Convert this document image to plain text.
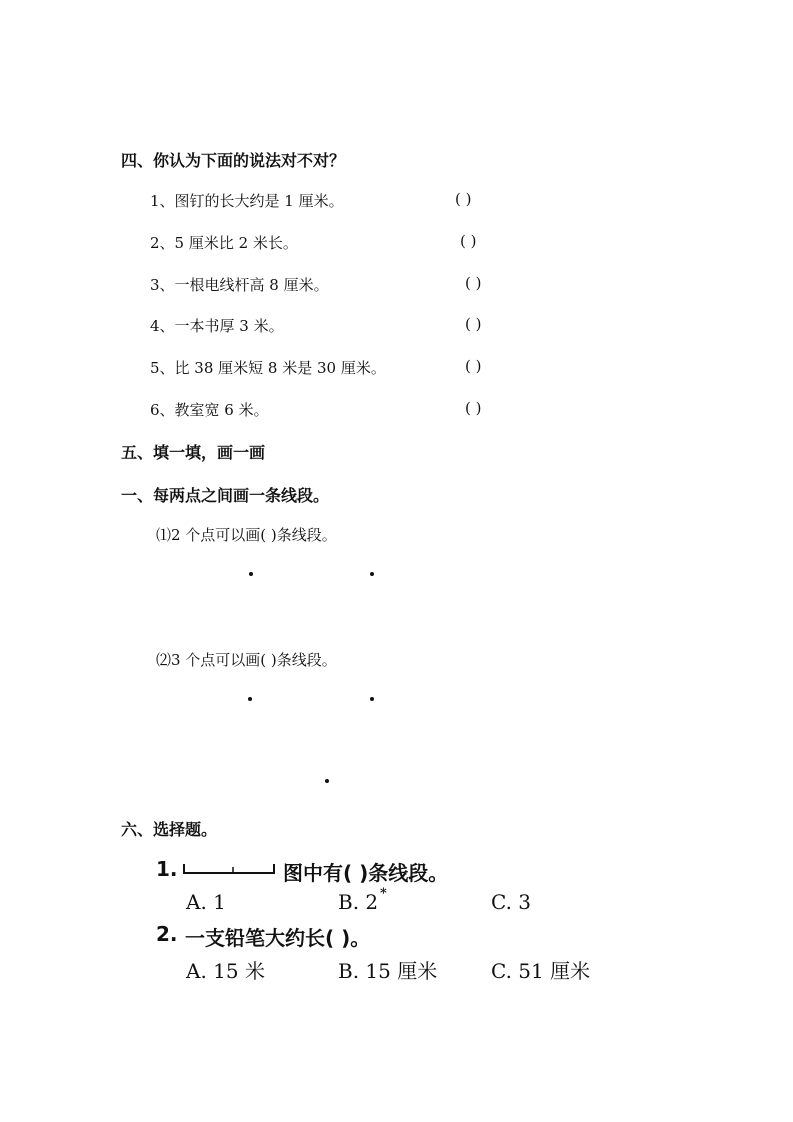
四、你认为下面的说法对不对？
1、图钉的长大约是 1 厘米。	( )
2、5 厘米比 2 米长。	( )
3、一根电线杆高 8 厘米。	( )
4、一本书厚 3 米。	( )
5、比 38 厘米短 8 米是 30 厘米。	( )
6、教室宽 6 米。	( )
五、填一填，画一画
一、每两点之间画一条线段。
⑴2 个点可以画( )条线段。
⑵3 个点可以画( )条线段。
六、选择题。
1.	图中有( )条线段。
A. 1	B. 2 *	C. 3
2. 一支铅笔大约长( )。
A. 15 米	B. 15 厘米	C. 51 厘米
